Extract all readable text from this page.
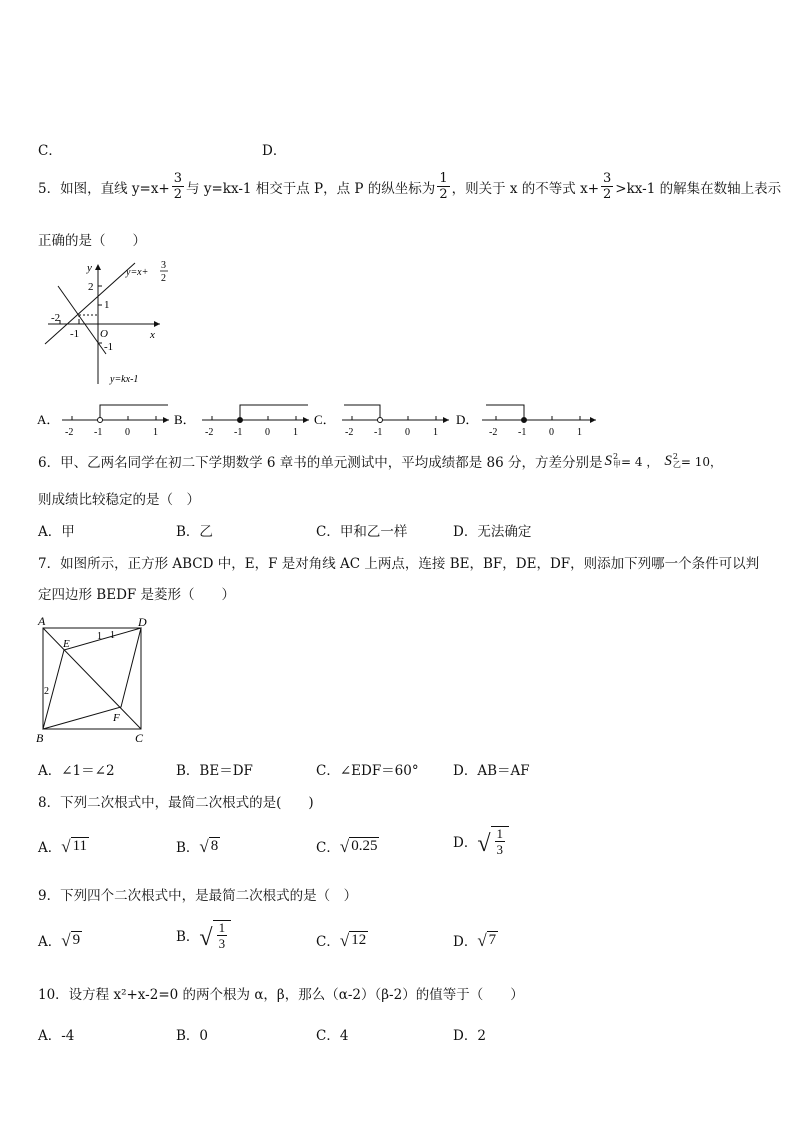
C．	D．
5．如图，直线 $y=x+ \frac{3}{2}$ 与 y=kx-1 相交于点 P，点 P 的纵坐标为 $\frac{1}{2}$ ，则关于 x 的不等式 $x+ \frac{3}{2} >kx-1$ 的解集在数轴上表示
正确的是（　　）
y
x
O
2
1
-1
-2
-1
y=x+
3
2
y=kx-1
A．	B．	C．	D．
-2 -1 0 1	-2 -1 0 1	-2 -1 0 1	-2 -1 0 1
6．甲、乙两名同学在初二下学期数学 6 章书的单元测试中，平均成绩都是 86 分，方差分别是 S 2
甲 = 4 ， S 2
乙 = 10，
则成绩比较稳定的是（　）
A．甲	B．乙	C．甲和乙一样	D．无法确定
7．如图所示，正方形 ABCD 中，E，F 是对角线 AC 上两点，连接 BE，BF，DE，DF，则添加下列哪一个条件可以判
定四边形 BEDF 是菱形（　　）
A	D
B	C
E
F
1 1
2
A．∠1＝∠2	B．BE＝DF	C．∠EDF＝60°	D．AB＝AF
8．下列二次根式中，最简二次根式的是(　　)
A． √ 11	B． √ 8	C． √ 0.25	D． √ $\frac{1}{3}$
9．下列四个二次根式中，是最简二次根式的是（　）
A． √ 9	B． √ $\frac{1}{3}$	C． √ 12	D． √ 7
10．设方程 x²+x-2=0 的两个根为 α，β，那么（α-2）（β-2）的值等于（　　）
A．-4	B．0	C．4	D．2
